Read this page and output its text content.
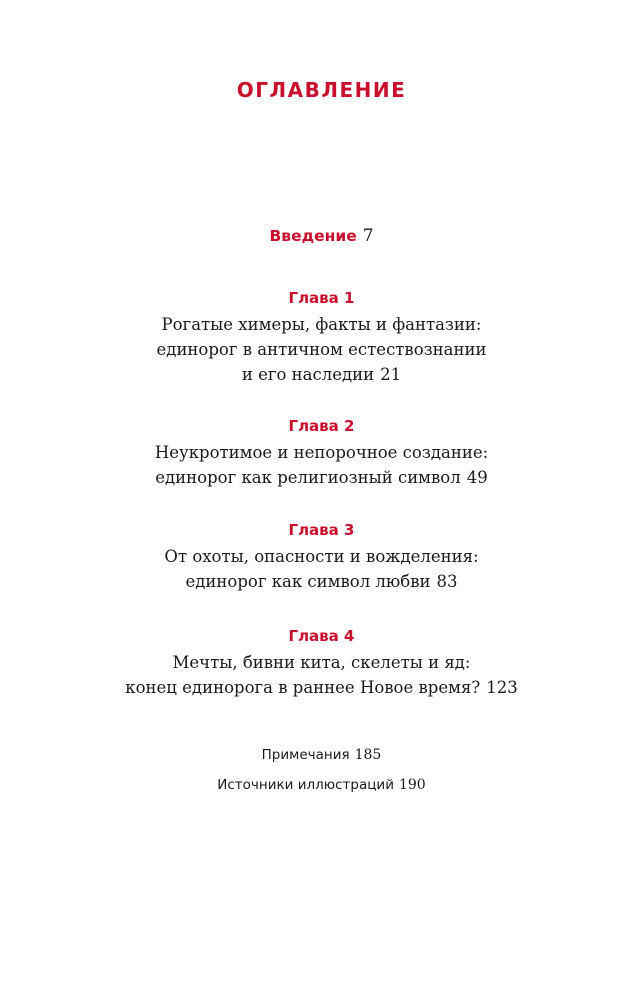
ОГЛАВЛЕНИЕ
Введение 7
Глава 1
Рогатые химеры, факты и фантазии:
единорог в античном естествознании
и его наследии 21
Глава 2
Неукротимое и непорочное создание:
единорог как религиозный символ 49
Глава 3
От охоты, опасности и вожделения:
единорог как символ любви 83
Глава 4
Мечты, бивни кита, скелеты и яд:
конец единорога в раннее Новое время? 123
Примечания 185
Источники иллюстраций 190
